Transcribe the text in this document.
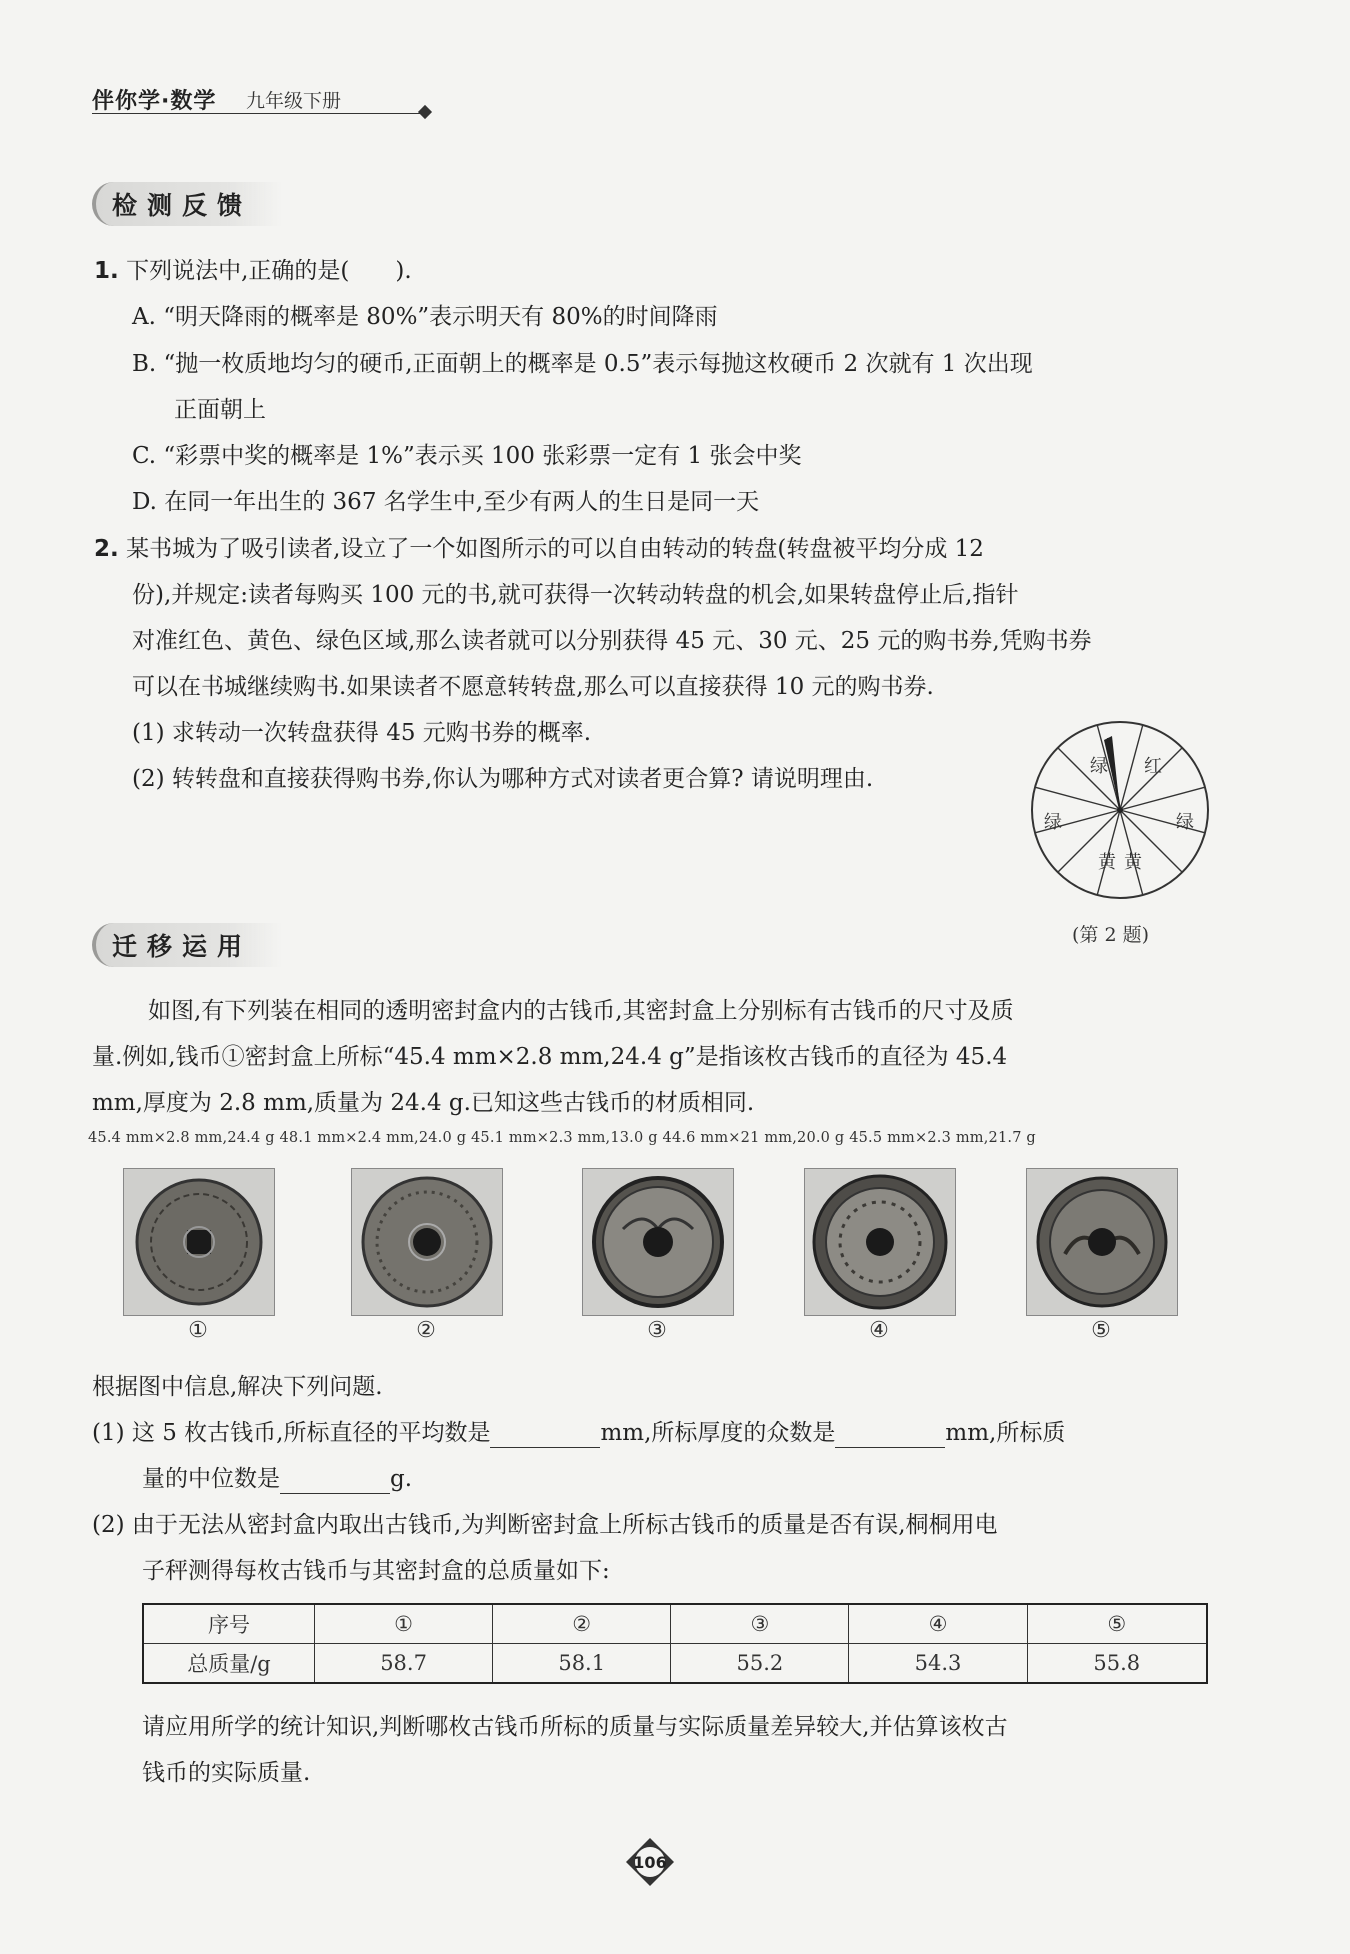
伴你学·数学 九年级下册
检测反馈
1. 下列说法中,正确的是(　　).
A. “明天降雨的概率是 80%”表示明天有 80%的时间降雨
B. “抛一枚质地均匀的硬币,正面朝上的概率是 0.5”表示每抛这枚硬币 2 次就有 1 次出现
正面朝上
C. “彩票中奖的概率是 1%”表示买 100 张彩票一定有 1 张会中奖
D. 在同一年出生的 367 名学生中,至少有两人的生日是同一天
2. 某书城为了吸引读者,设立了一个如图所示的可以自由转动的转盘(转盘被平均分成 12
份),并规定:读者每购买 100 元的书,就可获得一次转动转盘的机会,如果转盘停止后,指针
对准红色、黄色、绿色区域,那么读者就可以分别获得 45 元、30 元、25 元的购书券,凭购书券
可以在书城继续购书.如果读者不愿意转转盘,那么可以直接获得 10 元的购书券.
(1) 求转动一次转盘获得 45 元购书券的概率.
(2) 转转盘和直接获得购书券,你认为哪种方式对读者更合算? 请说明理由.	绿 红
绿	绿
黄 黄
(第 2 题)
迁移运用
如图,有下列装在相同的透明密封盒内的古钱币,其密封盒上分别标有古钱币的尺寸及质
量.例如,钱币①密封盒上所标“45.4 mm×2.8 mm,24.4 g”是指该枚古钱币的直径为 45.4
mm,厚度为 2.8 mm,质量为 24.4 g.已知这些古钱币的材质相同.
45.4 mm×2.8 mm,24.4 g 48.1 mm×2.4 mm,24.0 g 45.1 mm×2.3 mm,13.0 g 44.6 mm×21 mm,20.0 g 45.5 mm×2.3 mm,21.7 g
①	②	③	④	⑤
根据图中信息,解决下列问题.
(1) 这 5 枚古钱币,所标直径的平均数是	mm,所标厚度的众数是	mm,所标质
量的中位数是	g.
(2) 由于无法从密封盒内取出古钱币,为判断密封盒上所标古钱币的质量是否有误,桐桐用电
子秤测得每枚古钱币与其密封盒的总质量如下:
序号	①	②	③	④	⑤
总质量/g	58.7	58.1	55.2	54.3	55.8
请应用所学的统计知识,判断哪枚古钱币所标的质量与实际质量差异较大,并估算该枚古
钱币的实际质量.
106
